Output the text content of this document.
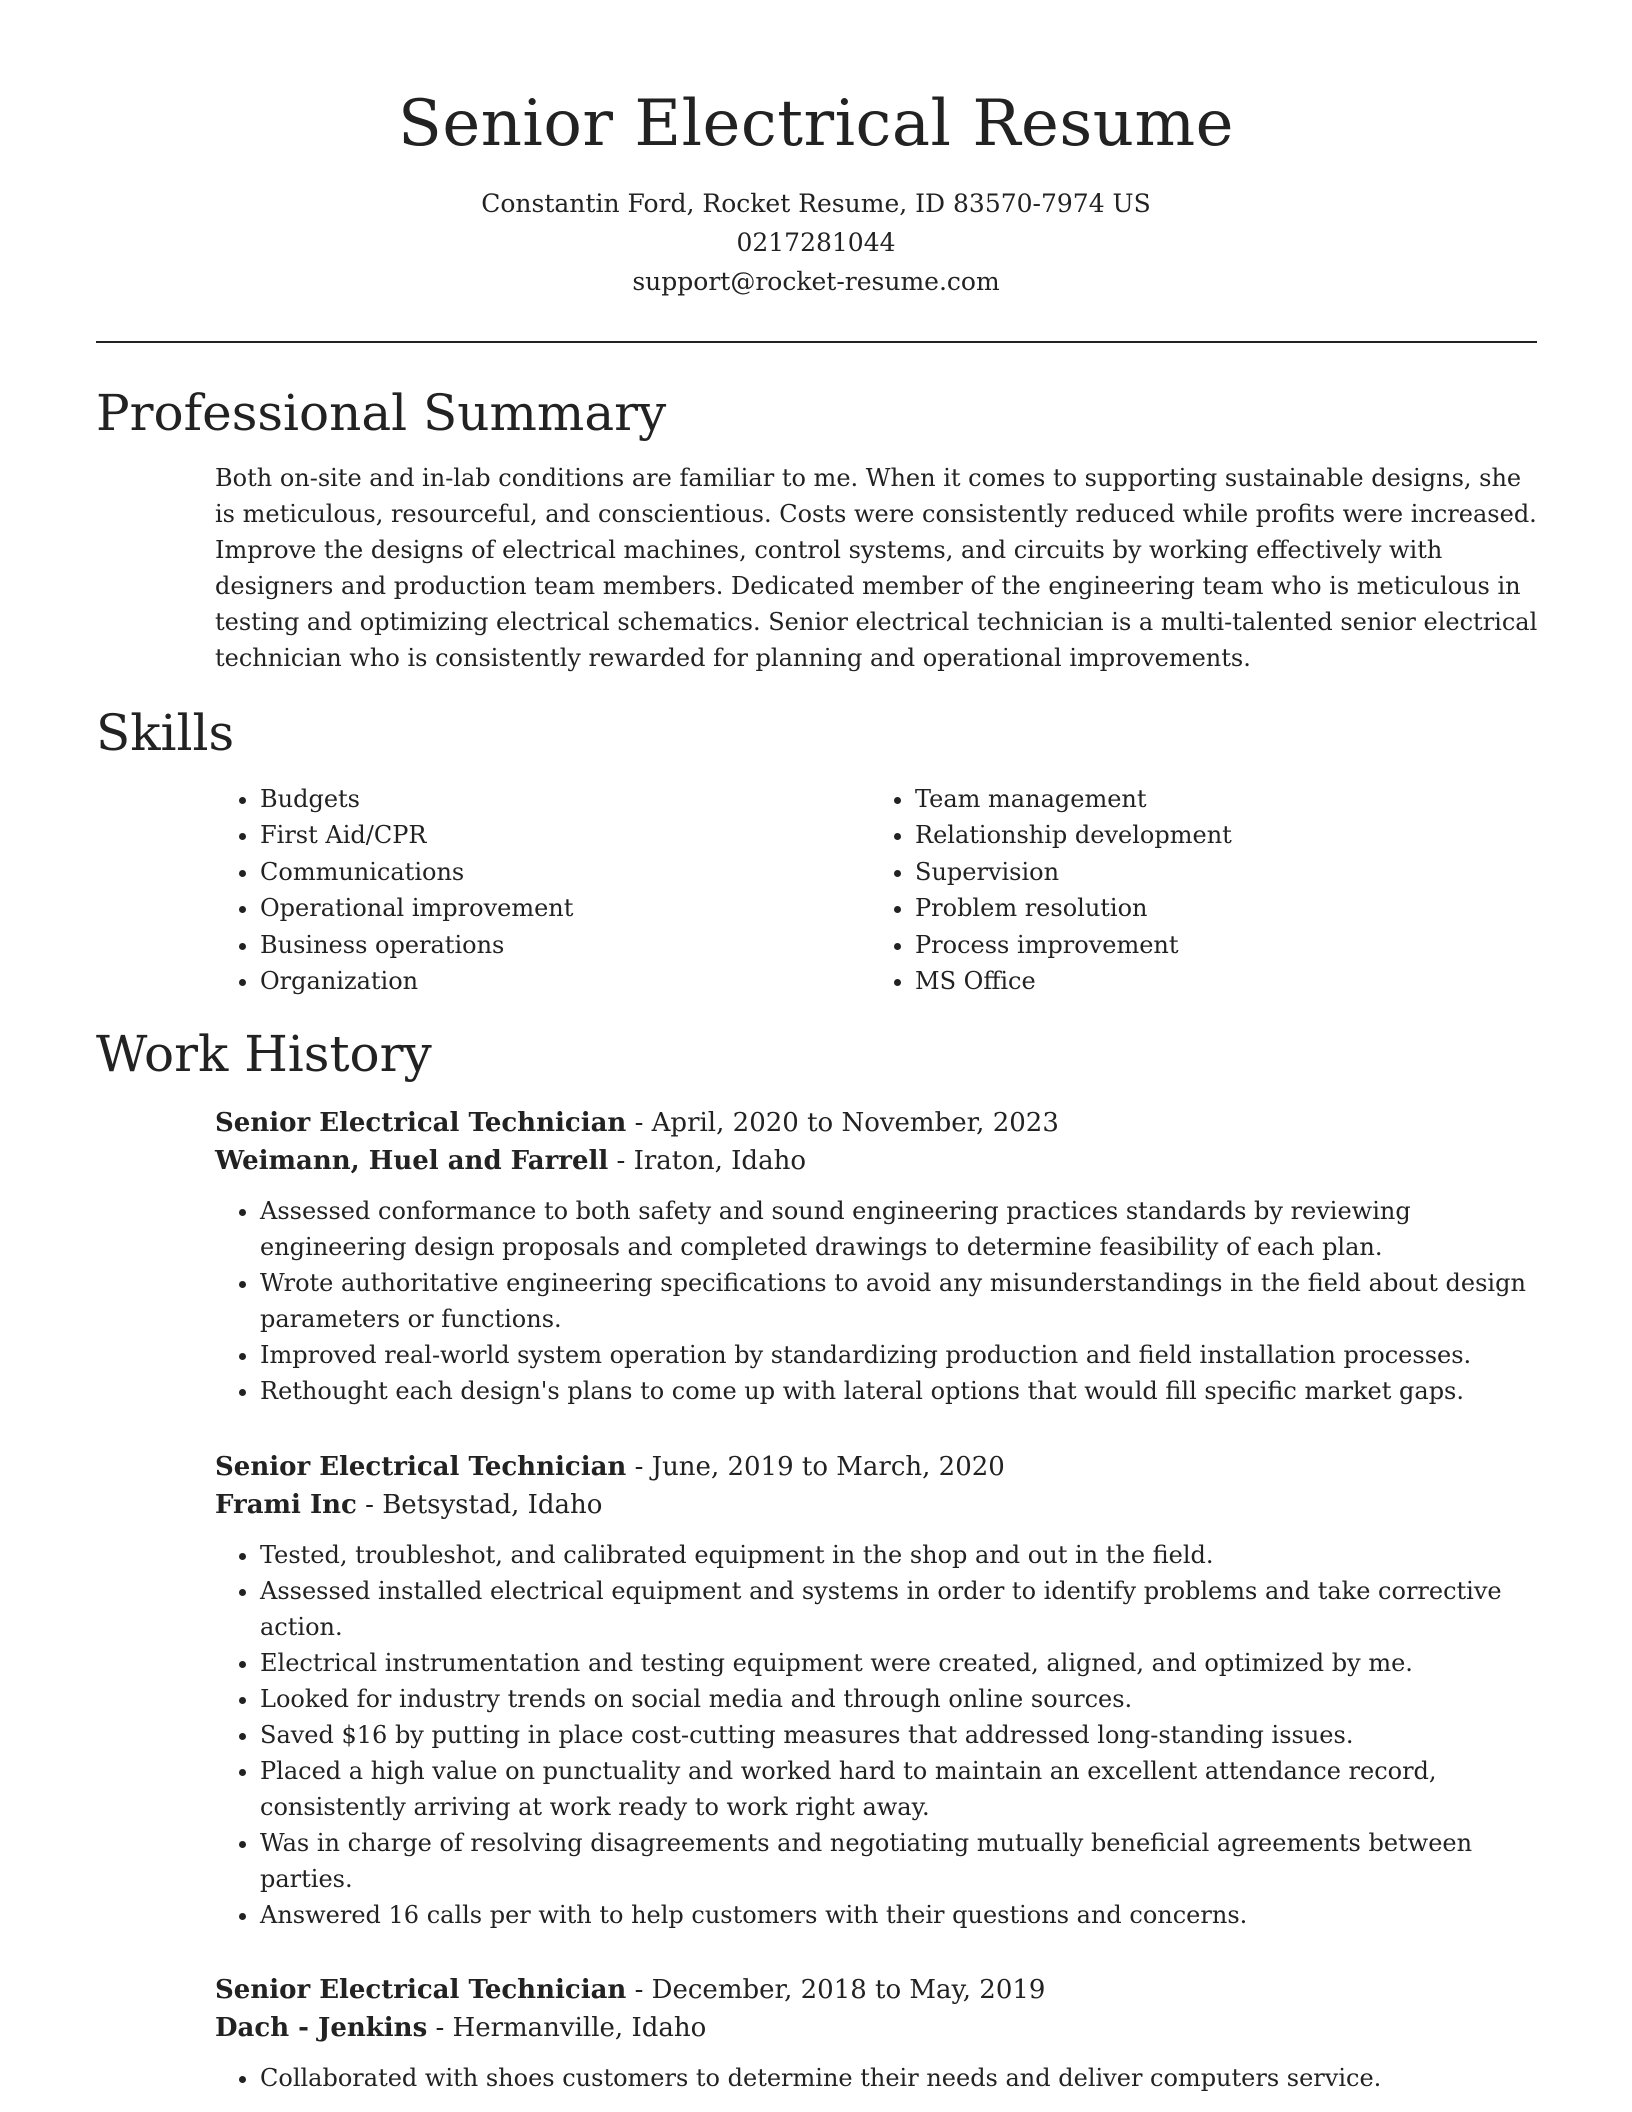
Senior Electrical Resume
Constantin Ford, Rocket Resume, ID 83570-7974 US
0217281044
support@rocket-resume.com
Professional Summary

Both on-site and in-lab conditions are familiar to me. When it comes to supporting sustainable designs, she is meticulous, resourceful, and conscientious. Costs were consistently reduced while profits were increased. Improve the designs of electrical machines, control systems, and circuits by working effectively with designers and production team members. Dedicated member of the engineering team who is meticulous in testing and optimizing electrical schematics. Senior electrical technician is a multi-talented senior electrical technician who is consistently rewarded for planning and operational improvements.

Skills
• Budgets
• First Aid/CPR
• Communications
• Operational improvement
• Business operations
• Organization
• Team management
• Relationship development
• Supervision
• Problem resolution
• Process improvement
• MS Office
Work History

Senior Electrical Technician - April, 2020 to November, 2023

Weimann, Huel and Farrell - Iraton, Idaho

• Assessed conformance to both safety and sound engineering practices standards by reviewing engineering design proposals and completed drawings to determine feasibility of each plan.
• Wrote authoritative engineering specifications to avoid any misunderstandings in the field about design parameters or functions.
• Improved real-world system operation by standardizing production and field installation processes.
• Rethought each design's plans to come up with lateral options that would fill specific market gaps.

Senior Electrical Technician - June, 2019 to March, 2020

Frami Inc - Betsystad, Idaho

• Tested, troubleshot, and calibrated equipment in the shop and out in the field.
• Assessed installed electrical equipment and systems in order to identify problems and take corrective action.
• Electrical instrumentation and testing equipment were created, aligned, and optimized by me.
• Looked for industry trends on social media and through online sources.
• Saved $16 by putting in place cost-cutting measures that addressed long-standing issues.
• Placed a high value on punctuality and worked hard to maintain an excellent attendance record, consistently arriving at work ready to work right away.
• Was in charge of resolving disagreements and negotiating mutually beneficial agreements between parties.
• Answered 16 calls per with to help customers with their questions and concerns.

Senior Electrical Technician - December, 2018 to May, 2019

Dach - Jenkins - Hermanville, Idaho

• Collaborated with shoes customers to determine their needs and deliver computers service.
